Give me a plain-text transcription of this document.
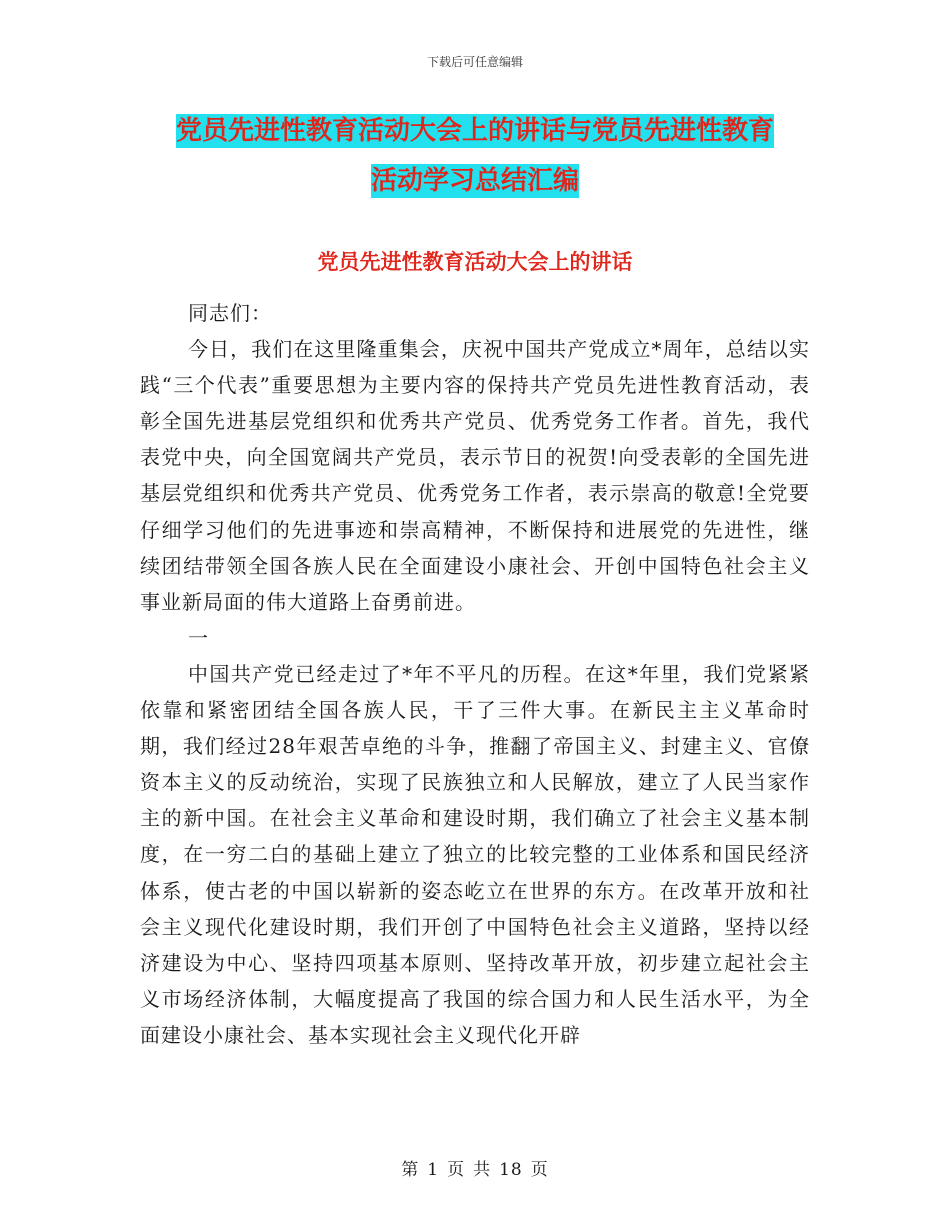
下载后可任意编辑
党员先进性教育活动大会上的讲话与党员先进性教育
活动学习总结汇编
党员先进性教育活动大会上的讲话

同志们：

今日，我们在这里隆重集会，庆祝中国共产党成立*周年，总结以实践“三个代表”重要思想为主要内容的保持共产党员先进性教育活动，表彰全国先进基层党组织和优秀共产党员、优秀党务工作者。首先，我代表党中央，向全国宽阔共产党员，表示节日的祝贺!向受表彰的全国先进基层党组织和优秀共产党员、优秀党务工作者，表示崇高的敬意!全党要仔细学习他们的先进事迹和崇高精神，不断保持和进展党的先进性，继续团结带领全国各族人民在全面建设小康社会、开创中国特色社会主义事业新局面的伟大道路上奋勇前进。

一

中国共产党已经走过了*年不平凡的历程。在这*年里，我们党紧紧依靠和紧密团结全国各族人民，干了三件大事。在新民主主义革命时期，我们经过28年艰苦卓绝的斗争，推翻了帝国主义、封建主义、官僚资本主义的反动统治，实现了民族独立和人民解放，建立了人民当家作主的新中国。在社会主义革命和建设时期，我们确立了社会主义基本制度，在一穷二白的基础上建立了独立的比较完整的工业体系和国民经济体系，使古老的中国以崭新的姿态屹立在世界的东方。在改革开放和社会主义现代化建设时期，我们开创了中国特色社会主义道路，坚持以经济建设为中心、坚持四项基本原则、坚持改革开放，初步建立起社会主义市场经济体制，大幅度提高了我国的综合国力和人民生活水平，为全面建设小康社会、基本实现社会主义现代化开辟

第 1 页 共 18 页
